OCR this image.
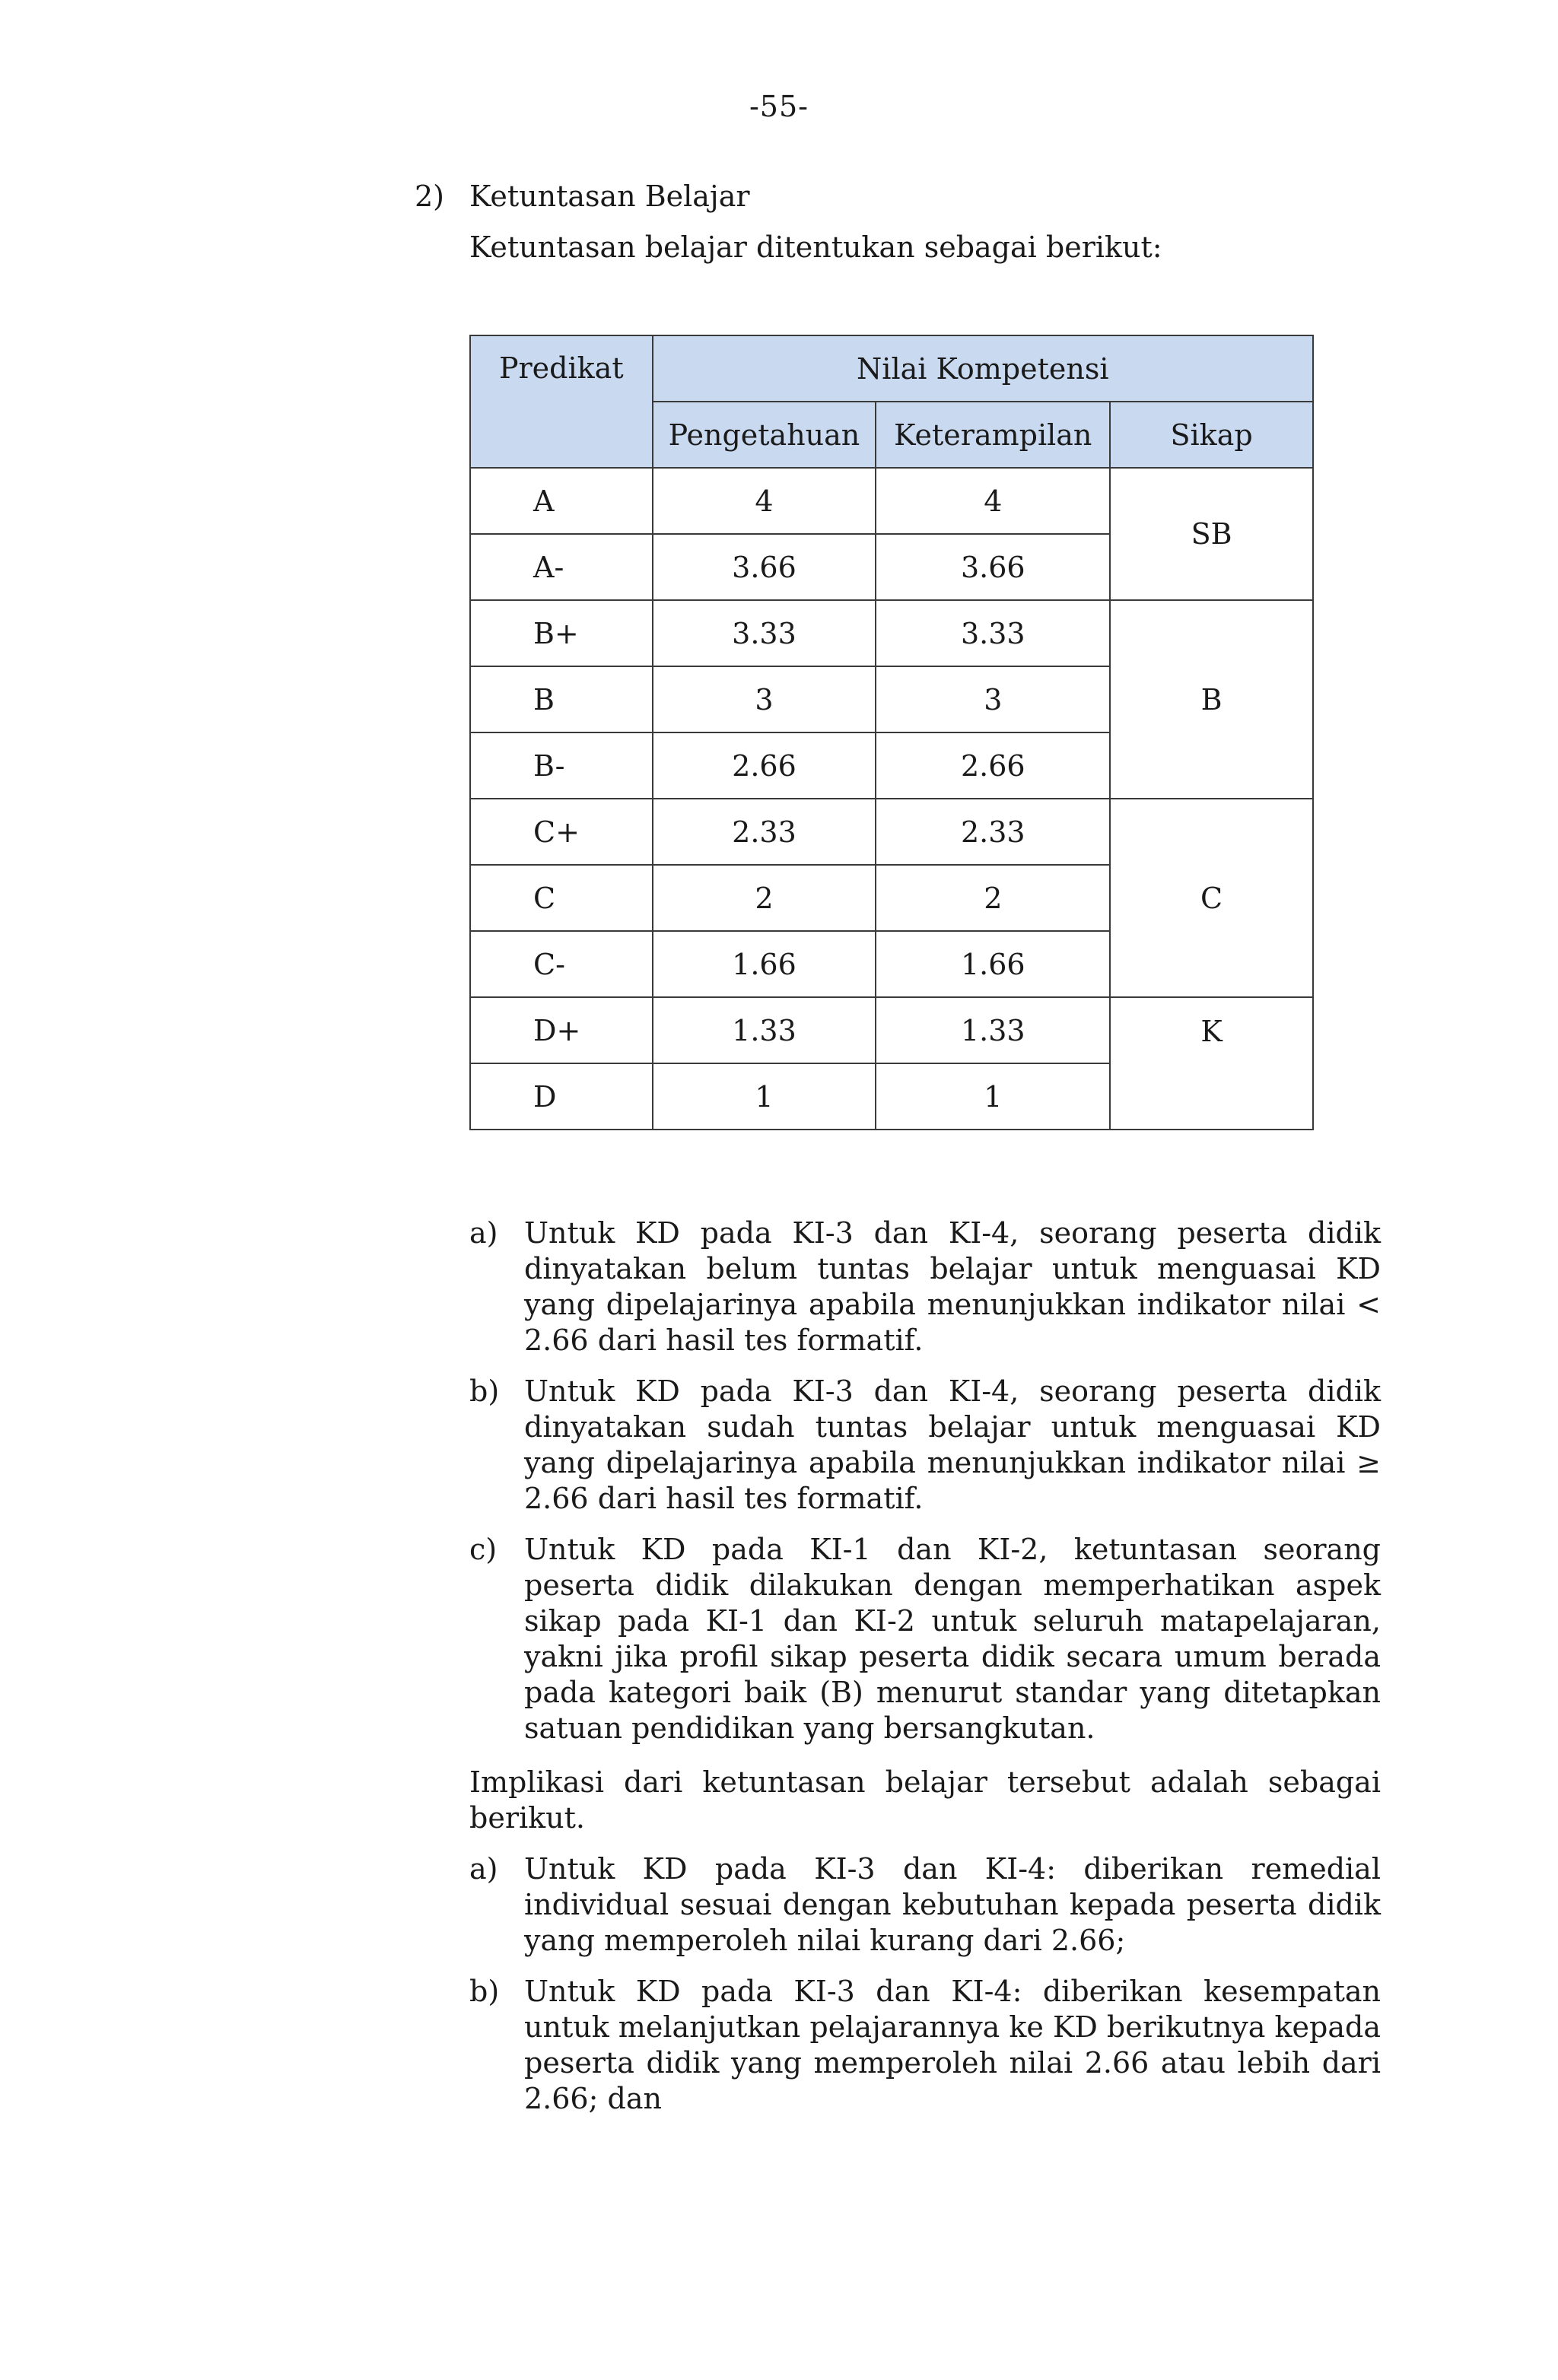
-55-
2) Ketuntasan Belajar
Ketuntasan belajar ditentukan sebagai berikut:
Predikat	Nilai Kompetensi		
	Pengetahuan	Keterampilan	Sikap
A	4	4	SB
A-	3.66	3.66	
B+	3.33	3.33	B
B	3	3	
B-	2.66	2.66	
C+	2.33	2.33	C
C	2	2	
C-	1.66	1.66	
D+	1.33	1.33	K
D	1	1	
a) Untuk KD pada KI-3 dan KI-4, seorang peserta didik dinyatakan belum tuntas belajar untuk menguasai KD yang dipelajarinya apabila menunjukkan indikator nilai < 2.66 dari hasil tes formatif.
b) Untuk KD pada KI-3 dan KI-4, seorang peserta didik dinyatakan sudah tuntas belajar untuk menguasai KD yang dipelajarinya apabila menunjukkan indikator nilai ≥ 2.66 dari hasil tes formatif.
c) Untuk KD pada KI-1 dan KI-2, ketuntasan seorang peserta didik dilakukan dengan memperhatikan aspek sikap pada KI-1 dan KI-2 untuk seluruh matapelajaran, yakni jika profil sikap peserta didik secara umum berada pada kategori baik (B) menurut standar yang ditetapkan satuan pendidikan yang bersangkutan.
Implikasi dari ketuntasan belajar tersebut adalah sebagai berikut.
a) Untuk KD pada KI-3 dan KI-4: diberikan remedial individual sesuai dengan kebutuhan kepada peserta didik yang memperoleh nilai kurang dari 2.66;
b) Untuk KD pada KI-3 dan KI-4: diberikan kesempatan untuk melanjutkan pelajarannya ke KD berikutnya kepada peserta didik yang memperoleh nilai 2.66 atau lebih dari 2.66; dan
